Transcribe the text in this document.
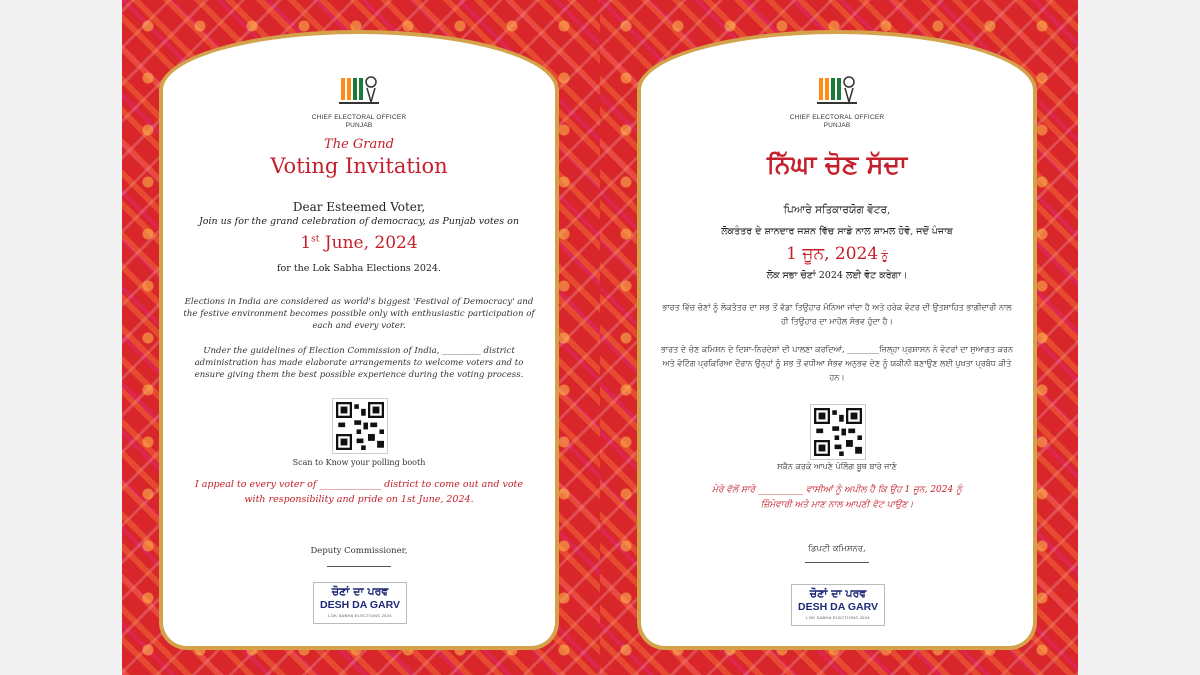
CHIEF ELECTORAL OFFICER
PUNJAB
The Grand
Voting Invitation
Dear Esteemed Voter,
Join us for the grand celebration of democracy, as Punjab votes on
1st June, 2024
for the Lok Sabha Elections 2024.
Elections in India are considered as world's biggest 'Festival of Democracy' and the festive environment becomes possible only with enthusiastic participation of each and every voter.
Under the guidelines of Election Commission of India, _________ district administration has made elaborate arrangements to welcome voters and to ensure giving them the best possible experience during the voting process.
Scan to Know your polling booth
I appeal to every voter of _____________ district to come out and vote
with responsibility and pride on 1st June, 2024.
Deputy Commissioner,
ਚੋਣਾਂ ਦਾ ਪਰਵ
DESH DA GARV
LOK SABHA ELECTIONS 2024
CHIEF ELECTORAL OFFICER
PUNJAB
ਨਿੱਘਾ ਚੋਣ ਸੱਦਾ
ਪਿਆਰੇ ਸਤਿਕਾਰਯੋਗ ਵੋਟਰ,
ਲੋਕਤੰਤਰ ਦੇ ਸ਼ਾਨਦਾਰ ਜਸ਼ਨ ਵਿੱਚ ਸਾਡੇ ਨਾਲ ਸ਼ਾਮਲ ਹੋਵੋ, ਜਦੋਂ ਪੰਜਾਬ
1 ਜੂਨ, 2024 ਨੂੰ
ਲੋਕ ਸਭਾ ਚੋਣਾਂ 2024 ਲਈ ਵੋਟ ਕਰੇਗਾ।
ਭਾਰਤ ਵਿੱਚ ਚੋਣਾਂ ਨੂੰ ਲੋਕਤੰਤਰ ਦਾ ਸਭ ਤੋਂ ਵੱਡਾ ਤਿਉਹਾਰ ਮੰਨਿਆ ਜਾਂਦਾ ਹੈ ਅਤੇ ਹਰੇਕ ਵੋਟਰ ਦੀ ਉਤਸ਼ਾਹਿਤ ਭਾਗੀਦਾਰੀ ਨਾਲ ਹੀ ਤਿਉਹਾਰ ਦਾ ਮਾਹੌਲ ਸੰਭਵ ਹੁੰਦਾ ਹੈ।
ਭਾਰਤ ਦੇ ਚੋਣ ਕਮਿਸ਼ਨ ਦੇ ਦਿਸ਼ਾ-ਨਿਰਦੇਸ਼ਾਂ ਦੀ ਪਾਲਣਾ ਕਰਦਿਆਂ, ________ਜ਼ਿਲ੍ਹਾ ਪ੍ਰਸ਼ਾਸਨ ਨੇ ਵੋਟਰਾਂ ਦਾ ਸੁਆਗਤ ਕਰਨ ਅਤੇ ਵੋਟਿੰਗ ਪ੍ਰਕਿਰਿਆ ਦੌਰਾਨ ਉਨ੍ਹਾਂ ਨੂੰ ਸਭ ਤੋਂ ਵਧੀਆ ਸੰਭਵ ਅਨੁਭਵ ਦੇਣ ਨੂੰ ਯਕੀਨੀ ਬਣਾਉਣ ਲਈ ਪੁਖਤਾ ਪ੍ਰਬੰਧ ਕੀਤੇ ਹਨ।
ਸਕੈਨ ਕਰਕੇ ਆਪਣੇ ਪੋਲਿੰਗ ਬੂਥ ਬਾਰੇ ਜਾਣੋ
ਮੇਰੇ ਵੱਲੋਂ ਸਾਰੇ __________ ਵਾਸੀਆਂ ਨੂੰ ਅਪੀਲ ਹੈ ਕਿ ਉਹ 1 ਜੂਨ, 2024 ਨੂੰ
ਜ਼ਿੰਮੇਵਾਰੀ ਅਤੇ ਮਾਣ ਨਾਲ ਆਪਣੀ ਵੋਟ ਪਾਉਣ।
ਡਿਪਟੀ ਕਮਿਸ਼ਨਰ,
ਚੋਣਾਂ ਦਾ ਪਰਵ
DESH DA GARV
LOK SABHA ELECTIONS 2024
